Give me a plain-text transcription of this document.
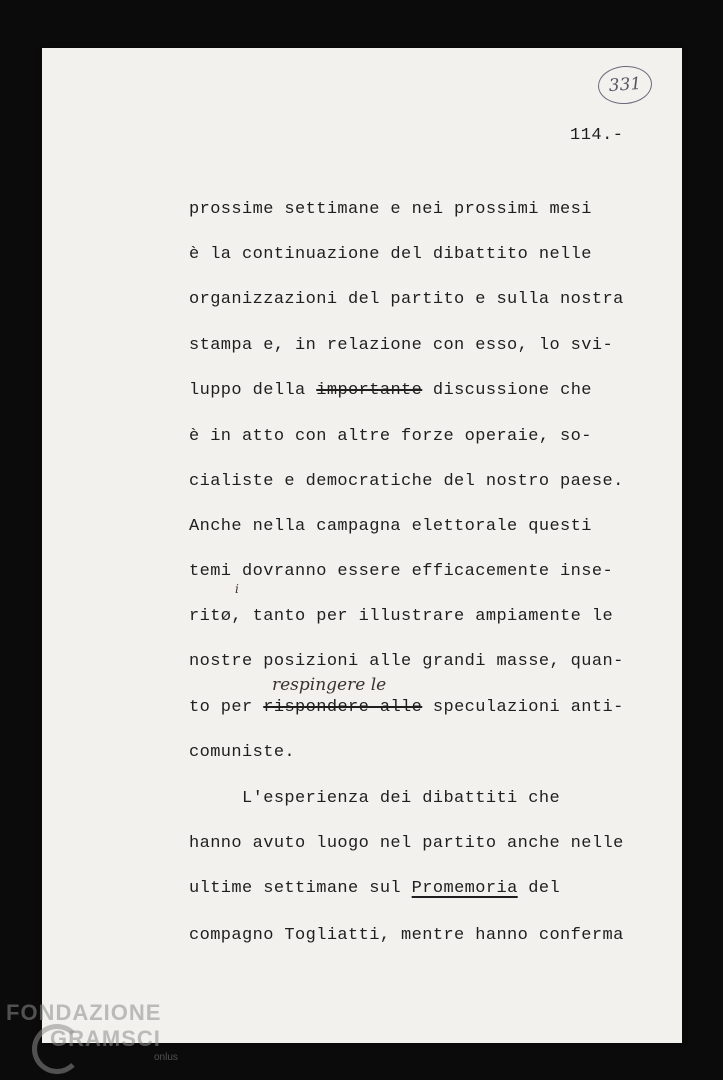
331
114.-
prossime settimane e nei prossimi mesi
è la continuazione del dibattito nelle
organizzazioni del partito e sulla nostra
stampa e, in relazione con esso, lo svi-
luppo della importante discussione che
è in atto con altre forze operaie, so-
cialiste e democratiche del nostro paese.
Anche nella campagna elettorale questi
temi dovranno essere efficacemente inse-
i
ritø, tanto per illustrare ampiamente le
nostre posizioni alle grandi masse, quan-
respingere le
to per rispondere alle speculazioni anti-
comuniste.
L'esperienza dei dibattiti che
hanno avuto luogo nel partito anche nelle
ultime settimane sul Promemoria del
compagno Togliatti, mentre hanno conferma
FONDAZIONE
GRAMSCI
onlus
